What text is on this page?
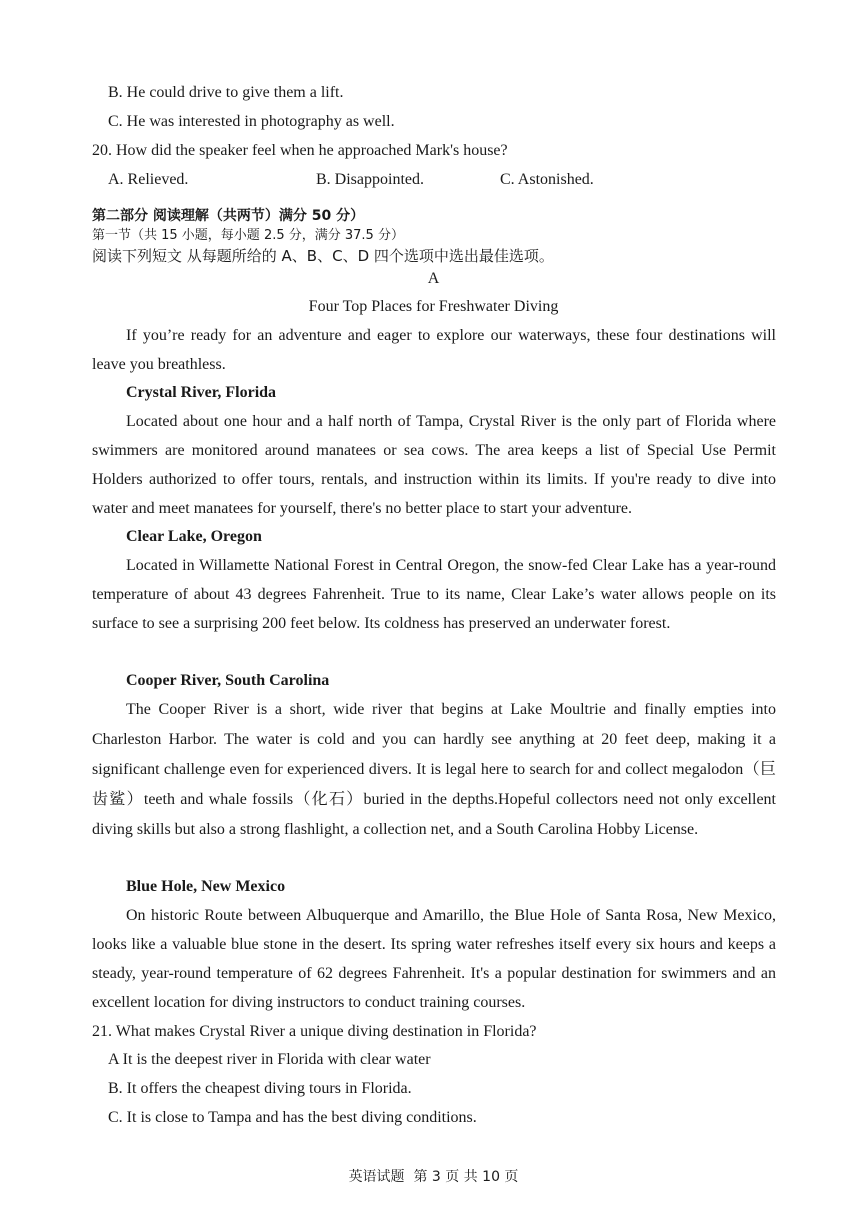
B. He could drive to give them a lift.
C. He was interested in photography as well.
20. How did the speaker feel when he approached Mark's house?
A. Relieved.	B. Disappointed.	C. Astonished.
第二部分 阅读理解（共两节）满分 50 分）
第一节（共 15 小题，每小题 2.5 分，满分 37.5 分）
阅读下列短文 从每题所给的 A、B、C、D 四个选项中选出最佳选项。
A
Four Top Places for Freshwater Diving
If you’re ready for an adventure and eager to explore our waterways, these four destinations will leave you breathless.
Crystal River, Florida
Located about one hour and a half north of Tampa, Crystal River is the only part of Florida where swimmers are monitored around manatees or sea cows. The area keeps a list of Special Use Permit Holders authorized to offer tours, rentals, and instruction within its limits. If you're ready to dive into water and meet manatees for yourself, there's no better place to start your adventure.
Clear Lake, Oregon
Located in Willamette National Forest in Central Oregon, the snow-fed Clear Lake has a year-round temperature of about 43 degrees Fahrenheit. True to its name, Clear Lake’s water allows people on its surface to see a surprising 200 feet below. Its coldness has preserved an underwater forest.
Cooper River, South Carolina
The Cooper River is a short, wide river that begins at Lake Moultrie and finally empties into Charleston Harbor. The water is cold and you can hardly see anything at 20 feet deep, making it a significant challenge even for experienced divers. It is legal here to search for and collect megalodon（巨齿鲨）teeth and whale fossils（化石）buried in the depths.Hopeful collectors need not only excellent diving skills but also a strong flashlight, a collection net, and a South Carolina Hobby License.
Blue Hole, New Mexico
On historic Route between Albuquerque and Amarillo, the Blue Hole of Santa Rosa, New Mexico, looks like a valuable blue stone in the desert. Its spring water refreshes itself every six hours and keeps a steady, year-round temperature of 62 degrees Fahrenheit. It's a popular destination for swimmers and an excellent location for diving instructors to conduct training courses.
21. What makes Crystal River a unique diving destination in Florida?
A It is the deepest river in Florida with clear water
B. It offers the cheapest diving tours in Florida.
C. It is close to Tampa and has the best diving conditions.
英语试题  第 3 页 共 10 页
